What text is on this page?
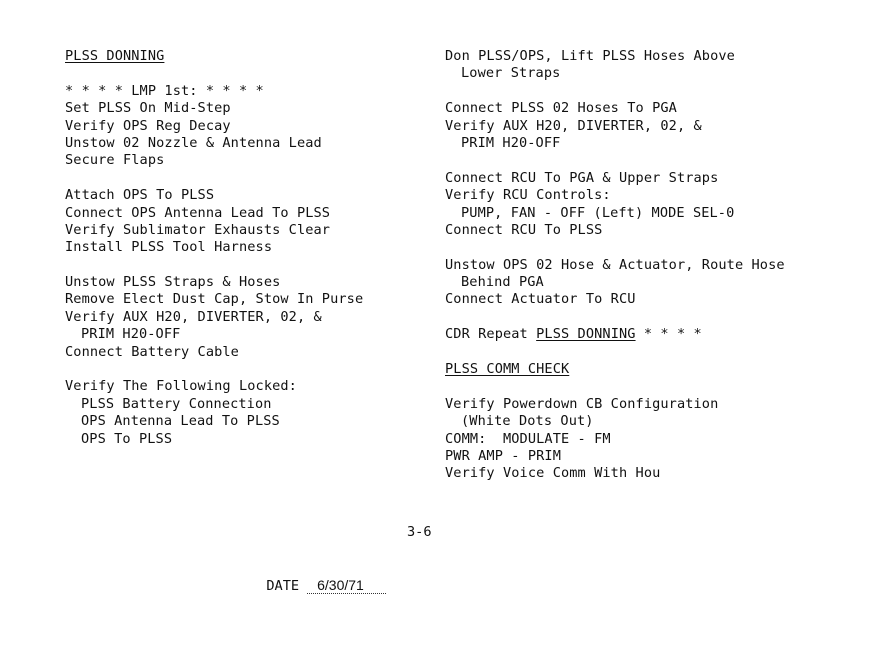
PLSS DONNING
* * * * LMP 1st: * * * *
Set PLSS On Mid-Step
Verify OPS Reg Decay
Unstow 02 Nozzle & Antenna Lead
Secure Flaps
Attach OPS To PLSS
Connect OPS Antenna Lead To PLSS
Verify Sublimator Exhausts Clear
Install PLSS Tool Harness
Unstow PLSS Straps & Hoses
Remove Elect Dust Cap, Stow In Purse
Verify AUX H20, DIVERTER, 02, &
PRIM H20-OFF
Connect Battery Cable
Verify The Following Locked:
PLSS Battery Connection
OPS Antenna Lead To PLSS
OPS To PLSS
Don PLSS/OPS, Lift PLSS Hoses Above
Lower Straps
Connect PLSS 02 Hoses To PGA
Verify AUX H20, DIVERTER, 02, &
PRIM H20-OFF
Connect RCU To PGA & Upper Straps
Verify RCU Controls:
PUMP, FAN - OFF (Left) MODE SEL-0
Connect RCU To PLSS
Unstow OPS 02 Hose & Actuator, Route Hose
Behind PGA
Connect Actuator To RCU
CDR Repeat PLSS DONNING * * * *
PLSS COMM CHECK
Verify Powerdown CB Configuration
(White Dots Out)
COMM:  MODULATE - FM
PWR AMP - PRIM
Verify Voice Comm With Hou
3-6

DATE 6/30/71
